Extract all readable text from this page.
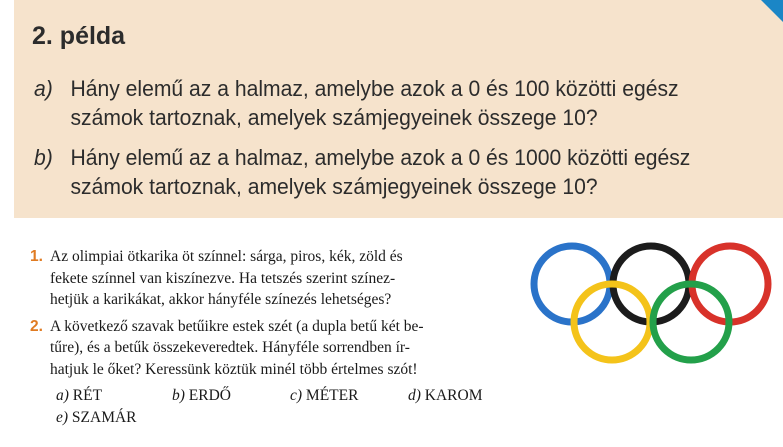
2. példa
a) Hány elemű az a halmaz, amelybe azok a 0 és 100 közötti egész
számok tartoznak, amelyek számjegyeinek összege 10?
b) Hány elemű az a halmaz, amelybe azok a 0 és 1000 közötti egész
számok tartoznak, amelyek számjegyeinek összege 10?
1. Az olimpiai ötkarika öt színnel: sárga, piros, kék, zöld és
fekete színnel van kiszínezve. Ha tetszés szerint színez-
hetjük a karikákat, akkor hányféle színezés lehetséges?
2. A következő szavak betűikre estek szét (a dupla betű két be-
tűre), és a betűk összekeveredtek. Hányféle sorrendben ír-
hatjuk le őket? Keressünk köztük minél több értelmes szót!
a) RÉT	b) ERDŐ	c) MÉTER	d) KAROM
e) SZAMÁR
